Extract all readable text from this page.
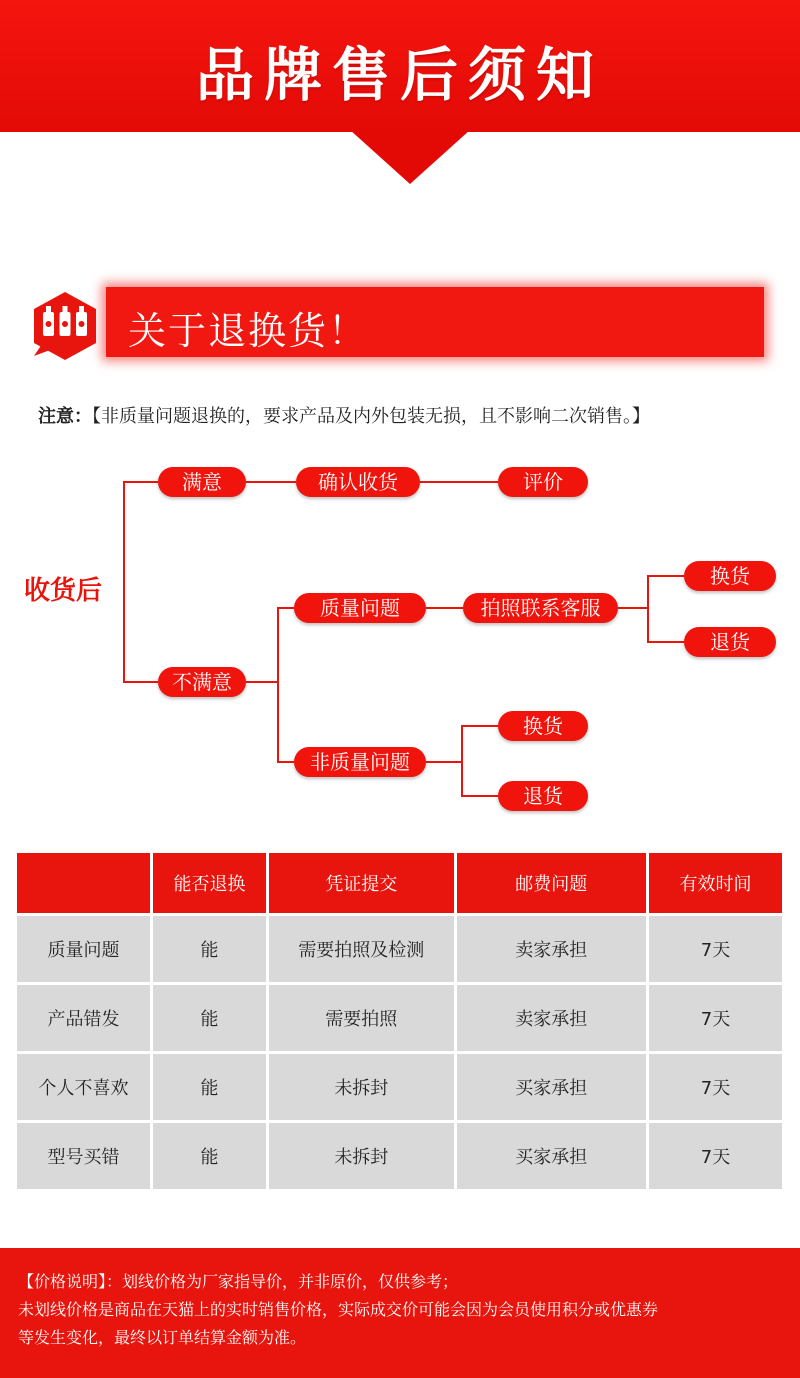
品牌售后须知
关于退换货！
注意：【非质量问题退换的，要求产品及内外包装无损，且不影响二次销售。】
收货后
满意	确认收货	评价
不满意
质量问题	拍照联系客服
换货
退货
非质量问题
换货
退货
	能否退换	凭证提交	邮费问题	有效时间
质量问题	能	需要拍照及检测	卖家承担	7天
产品错发	能	需要拍照	卖家承担	7天
个人不喜欢	能	未拆封	买家承担	7天
型号买错	能	未拆封	买家承担	7天
【价格说明】：划线价格为厂家指导价，并非原价，仅供参考；
未划线价格是商品在天猫上的实时销售价格，实际成交价可能会因为会员使用积分或优惠券
等发生变化，最终以订单结算金额为准。
